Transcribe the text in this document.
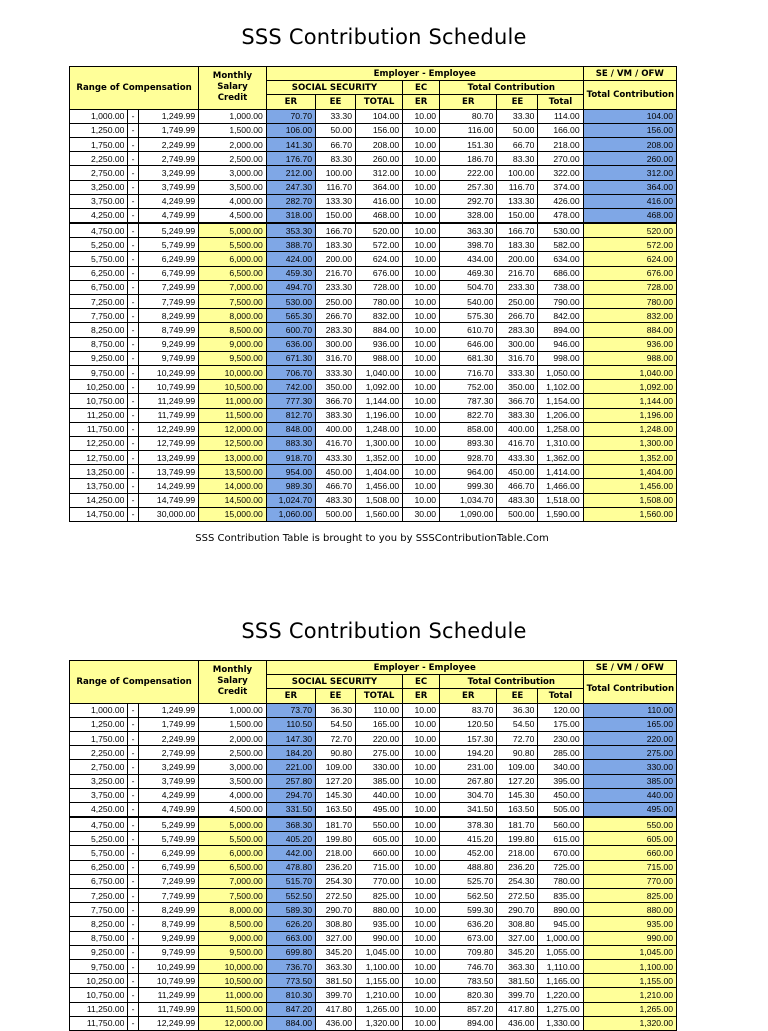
SSS Contribution Schedule
Range of Compensation			Monthly Salary Credit	Employer - Employee							SE / VM / OFW
				SOCIAL SECURITY			EC	Total Contribution			Total Contribution
				ER	EE	TOTAL	ER	ER	EE	Total	
1,000.00	-	1,249.99	1,000.00	70.70	33.30	104.00	10.00	80.70	33.30	114.00	104.00
1,250.00	-	1,749.99	1,500.00	106.00	50.00	156.00	10.00	116.00	50.00	166.00	156.00
1,750.00	-	2,249.99	2,000.00	141.30	66.70	208.00	10.00	151.30	66.70	218.00	208.00
2,250.00	-	2,749.99	2,500.00	176.70	83.30	260.00	10.00	186.70	83.30	270.00	260.00
2,750.00	-	3,249.99	3,000.00	212.00	100.00	312.00	10.00	222.00	100.00	322.00	312.00
3,250.00	-	3,749.99	3,500.00	247.30	116.70	364.00	10.00	257.30	116.70	374.00	364.00
3,750.00	-	4,249.99	4,000.00	282.70	133.30	416.00	10.00	292.70	133.30	426.00	416.00
4,250.00	-	4,749.99	4,500.00	318.00	150.00	468.00	10.00	328.00	150.00	478.00	468.00
4,750.00	-	5,249.99	5,000.00	353.30	166.70	520.00	10.00	363.30	166.70	530.00	520.00
5,250.00	-	5,749.99	5,500.00	388.70	183.30	572.00	10.00	398.70	183.30	582.00	572.00
5,750.00	-	6,249.99	6,000.00	424.00	200.00	624.00	10.00	434.00	200.00	634.00	624.00
6,250.00	-	6,749.99	6,500.00	459.30	216.70	676.00	10.00	469.30	216.70	686.00	676.00
6,750.00	-	7,249.99	7,000.00	494.70	233.30	728.00	10.00	504.70	233.30	738.00	728.00
7,250.00	-	7,749.99	7,500.00	530.00	250.00	780.00	10.00	540.00	250.00	790.00	780.00
7,750.00	-	8,249.99	8,000.00	565.30	266.70	832.00	10.00	575.30	266.70	842.00	832.00
8,250.00	-	8,749.99	8,500.00	600.70	283.30	884.00	10.00	610.70	283.30	894.00	884.00
8,750.00	-	9,249.99	9,000.00	636.00	300.00	936.00	10.00	646.00	300.00	946.00	936.00
9,250.00	-	9,749.99	9,500.00	671.30	316.70	988.00	10.00	681.30	316.70	998.00	988.00
9,750.00	-	10,249.99	10,000.00	706.70	333.30	1,040.00	10.00	716.70	333.30	1,050.00	1,040.00
10,250.00	-	10,749.99	10,500.00	742.00	350.00	1,092.00	10.00	752.00	350.00	1,102.00	1,092.00
10,750.00	-	11,249.99	11,000.00	777.30	366.70	1,144.00	10.00	787.30	366.70	1,154.00	1,144.00
11,250.00	-	11,749.99	11,500.00	812.70	383.30	1,196.00	10.00	822.70	383.30	1,206.00	1,196.00
11,750.00	-	12,249.99	12,000.00	848.00	400.00	1,248.00	10.00	858.00	400.00	1,258.00	1,248.00
12,250.00	-	12,749.99	12,500.00	883.30	416.70	1,300.00	10.00	893.30	416.70	1,310.00	1,300.00
12,750.00	-	13,249.99	13,000.00	918.70	433.30	1,352.00	10.00	928.70	433.30	1,362.00	1,352.00
13,250.00	-	13,749.99	13,500.00	954.00	450.00	1,404.00	10.00	964.00	450.00	1,414.00	1,404.00
13,750.00	-	14,249.99	14,000.00	989.30	466.70	1,456.00	10.00	999.30	466.70	1,466.00	1,456.00
14,250.00	-	14,749.99	14,500.00	1,024.70	483.30	1,508.00	10.00	1,034.70	483.30	1,518.00	1,508.00
14,750.00	-	30,000.00	15,000.00	1,060.00	500.00	1,560.00	30.00	1,090.00	500.00	1,590.00	1,560.00
SSS Contribution Table is brought to you by SSSContributionTable.Com
SSS Contribution Schedule
Range of Compensation			Monthly Salary Credit	Employer - Employee							SE / VM / OFW
				SOCIAL SECURITY			EC	Total Contribution			Total Contribution
				ER	EE	TOTAL	ER	ER	EE	Total	
1,000.00	-	1,249.99	1,000.00	73.70	36.30	110.00	10.00	83.70	36.30	120.00	110.00
1,250.00	-	1,749.99	1,500.00	110.50	54.50	165.00	10.00	120.50	54.50	175.00	165.00
1,750.00	-	2,249.99	2,000.00	147.30	72.70	220.00	10.00	157.30	72.70	230.00	220.00
2,250.00	-	2,749.99	2,500.00	184.20	90.80	275.00	10.00	194.20	90.80	285.00	275.00
2,750.00	-	3,249.99	3,000.00	221.00	109.00	330.00	10.00	231.00	109.00	340.00	330.00
3,250.00	-	3,749.99	3,500.00	257.80	127.20	385.00	10.00	267.80	127.20	395.00	385.00
3,750.00	-	4,249.99	4,000.00	294.70	145.30	440.00	10.00	304.70	145.30	450.00	440.00
4,250.00	-	4,749.99	4,500.00	331.50	163.50	495.00	10.00	341.50	163.50	505.00	495.00
4,750.00	-	5,249.99	5,000.00	368.30	181.70	550.00	10.00	378.30	181.70	560.00	550.00
5,250.00	-	5,749.99	5,500.00	405.20	199.80	605.00	10.00	415.20	199.80	615.00	605.00
5,750.00	-	6,249.99	6,000.00	442.00	218.00	660.00	10.00	452.00	218.00	670.00	660.00
6,250.00	-	6,749.99	6,500.00	478.80	236.20	715.00	10.00	488.80	236.20	725.00	715.00
6,750.00	-	7,249.99	7,000.00	515.70	254.30	770.00	10.00	525.70	254.30	780.00	770.00
7,250.00	-	7,749.99	7,500.00	552.50	272.50	825.00	10.00	562.50	272.50	835.00	825.00
7,750.00	-	8,249.99	8,000.00	589.30	290.70	880.00	10.00	599.30	290.70	890.00	880.00
8,250.00	-	8,749.99	8,500.00	626.20	308.80	935.00	10.00	636.20	308.80	945.00	935.00
8,750.00	-	9,249.99	9,000.00	663.00	327.00	990.00	10.00	673.00	327.00	1,000.00	990.00
9,250.00	-	9,749.99	9,500.00	699.80	345.20	1,045.00	10.00	709.80	345.20	1,055.00	1,045.00
9,750.00	-	10,249.99	10,000.00	736.70	363.30	1,100.00	10.00	746.70	363.30	1,110.00	1,100.00
10,250.00	-	10,749.99	10,500.00	773.50	381.50	1,155.00	10.00	783.50	381.50	1,165.00	1,155.00
10,750.00	-	11,249.99	11,000.00	810.30	399.70	1,210.00	10.00	820.30	399.70	1,220.00	1,210.00
11,250.00	-	11,749.99	11,500.00	847.20	417.80	1,265.00	10.00	857.20	417.80	1,275.00	1,265.00
11,750.00	-	12,249.99	12,000.00	884.00	436.00	1,320.00	10.00	894.00	436.00	1,330.00	1,320.00
